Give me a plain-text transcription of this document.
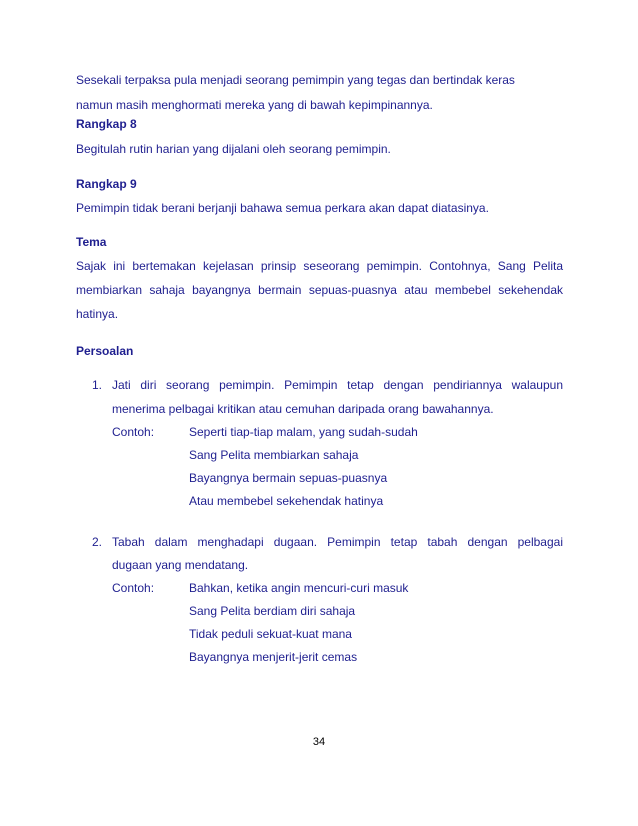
Sesekali terpaksa pula menjadi seorang pemimpin yang tegas dan bertindak keras
namun masih menghormati mereka yang di bawah kepimpinannya.
Rangkap 8
Begitulah rutin harian yang dijalani oleh seorang pemimpin.
Rangkap 9
Pemimpin tidak berani berjanji bahawa semua perkara akan dapat diatasinya.
Tema
Sajak ini bertemakan kejelasan prinsip seseorang pemimpin. Contohnya, Sang Pelita
membiarkan sahaja bayangnya bermain sepuas-puasnya atau membebel sekehendak
hatinya.
Persoalan
1. Jati diri seorang pemimpin. Pemimpin tetap dengan pendiriannya walaupun
menerima pelbagai kritikan atau cemuhan daripada orang bawahannya.
Contoh:	Seperti tiap-tiap malam, yang sudah-sudah
Sang Pelita membiarkan sahaja
Bayangnya bermain sepuas-puasnya
Atau membebel sekehendak hatinya
2. Tabah dalam menghadapi dugaan. Pemimpin tetap tabah dengan pelbagai
dugaan yang mendatang.
Contoh:	Bahkan, ketika angin mencuri-curi masuk
Sang Pelita berdiam diri sahaja
Tidak peduli sekuat-kuat mana
Bayangnya menjerit-jerit cemas
34
